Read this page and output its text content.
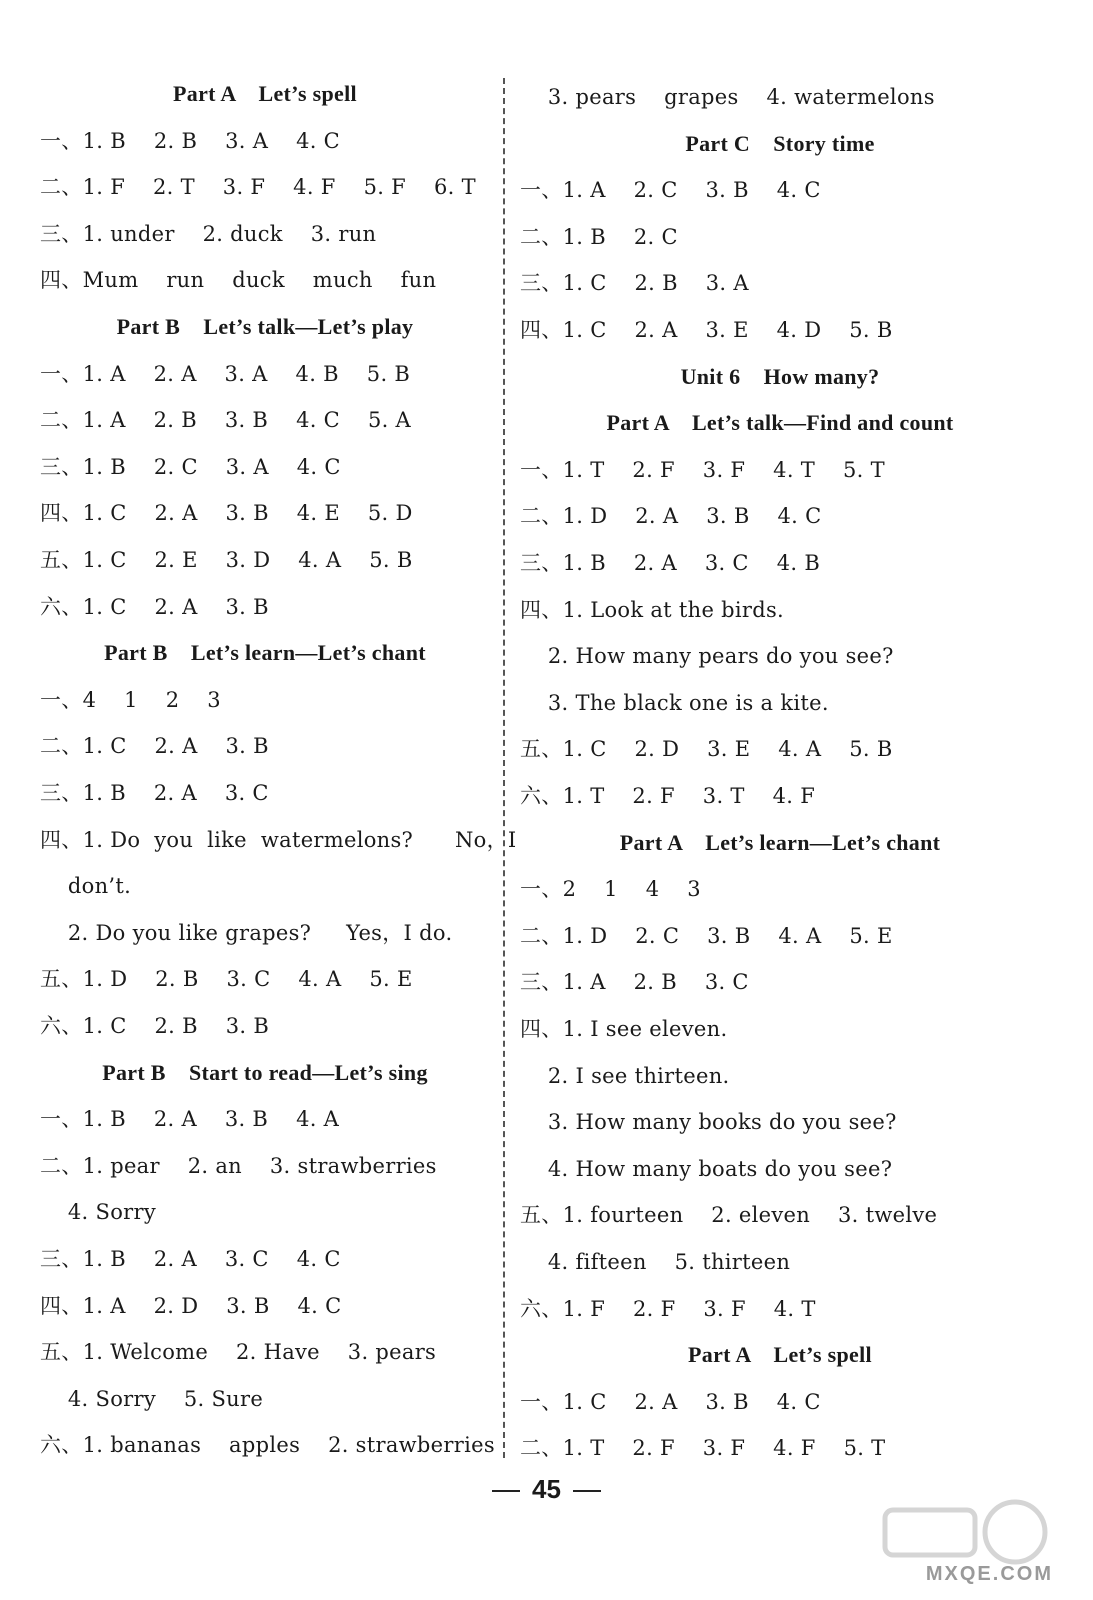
Part A    Let’s spell
一、1. B    2. B    3. A    4. C
二、1. F    2. T    3. F    4. F    5. F    6. T
三、1. under    2. duck    3. run
四、Mum    run    duck    much    fun
Part B    Let’s talk—Let’s play
一、1. A    2. A    3. A    4. B    5. B
二、1. A    2. B    3. B    4. C    5. A
三、1. B    2. C    3. A    4. C
四、1. C    2. A    3. B    4. E    5. D
五、1. C    2. E    3. D    4. A    5. B
六、1. C    2. A    3. B
Part B    Let’s learn—Let’s chant
一、4    1    2    3
二、1. C    2. A    3. B
三、1. B    2. A    3. C
四、1. Do  you  like  watermelons?      No，I
don’t.
2. Do you like grapes?     Yes，I do.
五、1. D    2. B    3. C    4. A    5. E
六、1. C    2. B    3. B
Part B    Start to read—Let’s sing
一、1. B    2. A    3. B    4. A
二、1. pear    2. an    3. strawberries
4. Sorry
三、1. B    2. A    3. C    4. C
四、1. A    2. D    3. B    4. C
五、1. Welcome    2. Have    3. pears
4. Sorry    5. Sure
六、1. bananas    apples    2. strawberries
3. pears    grapes    4. watermelons
Part C    Story time
一、1. A    2. C    3. B    4. C
二、1. B    2. C
三、1. C    2. B    3. A
四、1. C    2. A    3. E    4. D    5. B
Unit 6    How many?
Part A    Let’s talk—Find and count
一、1. T    2. F    3. F    4. T    5. T
二、1. D    2. A    3. B    4. C
三、1. B    2. A    3. C    4. B
四、1. Look at the birds.
2. How many pears do you see?
3. The black one is a kite.
五、1. C    2. D    3. E    4. A    5. B
六、1. T    2. F    3. T    4. F
Part A    Let’s learn—Let’s chant
一、2    1    4    3
二、1. D    2. C    3. B    4. A    5. E
三、1. A    2. B    3. C
四、1. I see eleven.
2. I see thirteen.
3. How many books do you see?
4. How many boats do you see?
五、1. fourteen    2. eleven    3. twelve
4. fifteen    5. thirteen
六、1. F    2. F    3. F    4. T
Part A    Let’s spell
一、1. C    2. A    3. B    4. C
二、1. T    2. F    3. F    4. F    5. T
45
MXQE.COM
